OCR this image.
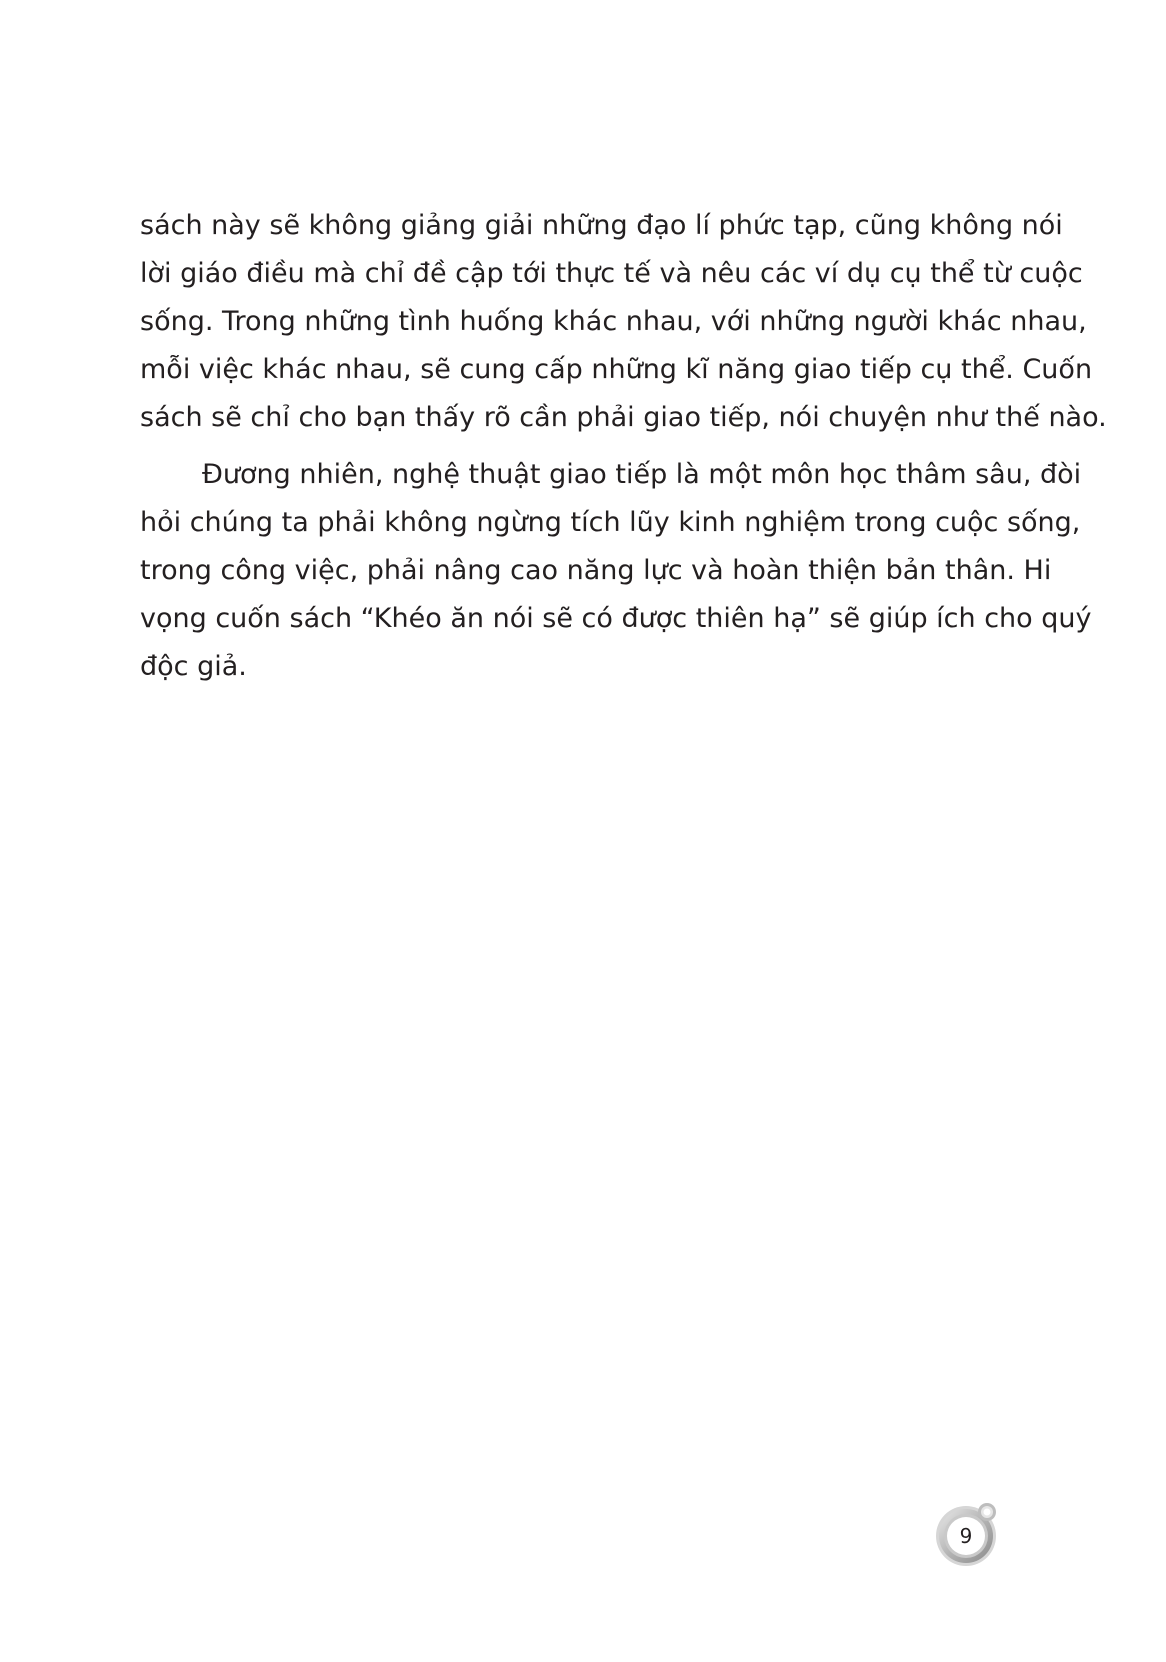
sách này sẽ không giảng giải những đạo lí phức tạp, cũng không nói
lời giáo điều mà chỉ đề cập tới thực tế và nêu các ví dụ cụ thể từ cuộc
sống. Trong những tình huống khác nhau, với những người khác nhau,
mỗi việc khác nhau, sẽ cung cấp những kĩ năng giao tiếp cụ thể. Cuốn
sách sẽ chỉ cho bạn thấy rõ cần phải giao tiếp, nói chuyện như thế nào.
Đương nhiên, nghệ thuật giao tiếp là một môn học thâm sâu, đòi
hỏi chúng ta phải không ngừng tích lũy kinh nghiệm trong cuộc sống,
trong công việc, phải nâng cao năng lực và hoàn thiện bản thân. Hi
vọng cuốn sách “Khéo ăn nói sẽ có được thiên hạ” sẽ giúp ích cho quý
độc giả.
9
